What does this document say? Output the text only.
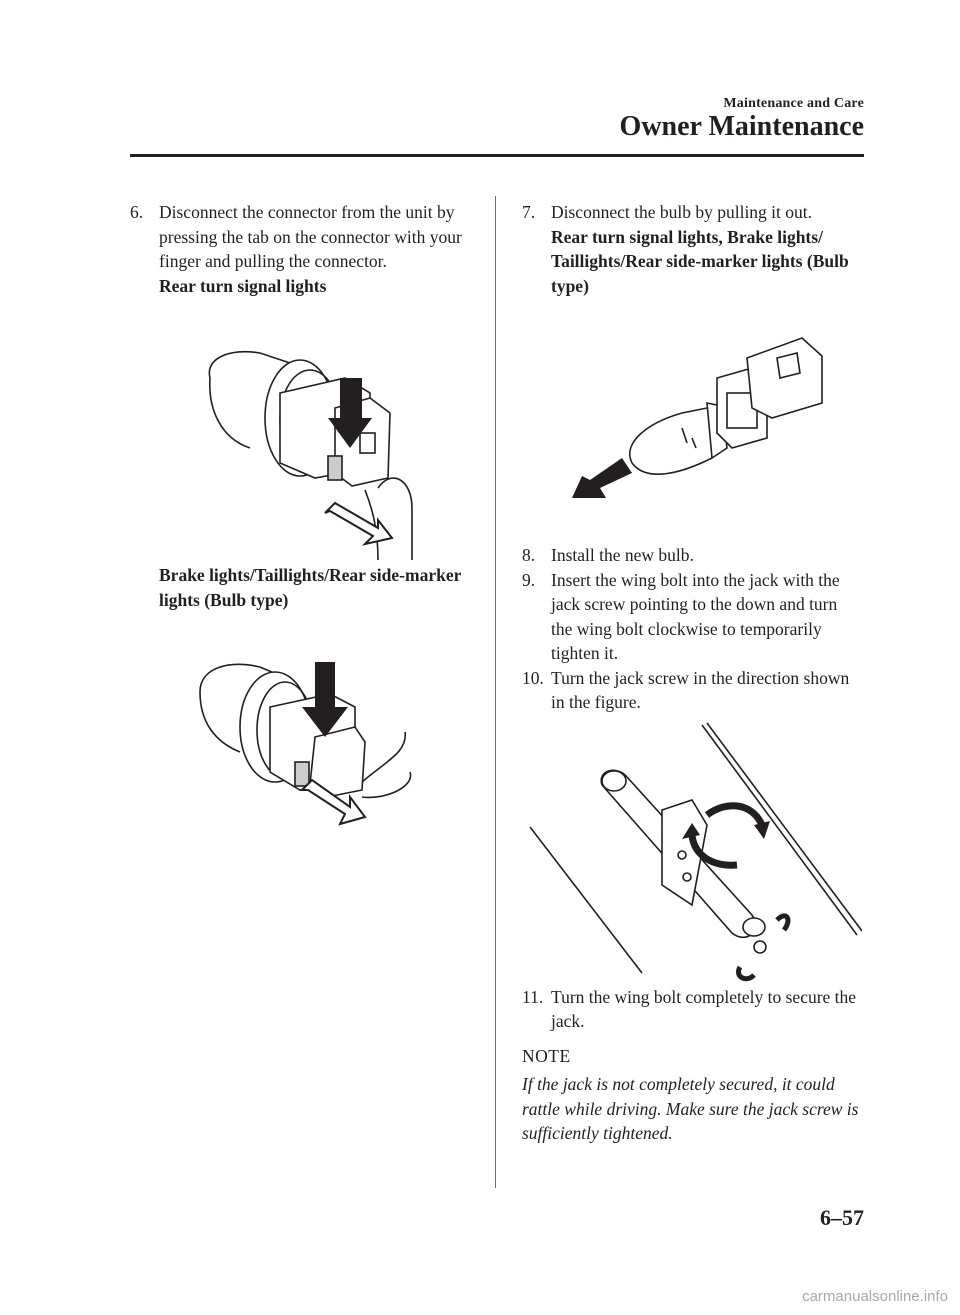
Maintenance and Care
Owner Maintenance
6. Disconnect the connector from the unit by pressing the tab on the connector with your finger and pulling the connector.
Rear turn signal lights
Brake lights/Taillights/Rear side-marker lights (Bulb type)
7. Disconnect the bulb by pulling it out.
Rear turn signal lights, Brake lights/ Taillights/Rear side-marker lights (Bulb type)
8. Install the new bulb.
9. Insert the wing bolt into the jack with the jack screw pointing to the down and turn the wing bolt clockwise to temporarily tighten it.
10. Turn the jack screw in the direction shown in the figure.
11. Turn the wing bolt completely to secure the jack.
NOTE
If the jack is not completely secured, it could rattle while driving. Make sure the jack screw is sufficiently tightened.
6–57
carmanualsonline.info
